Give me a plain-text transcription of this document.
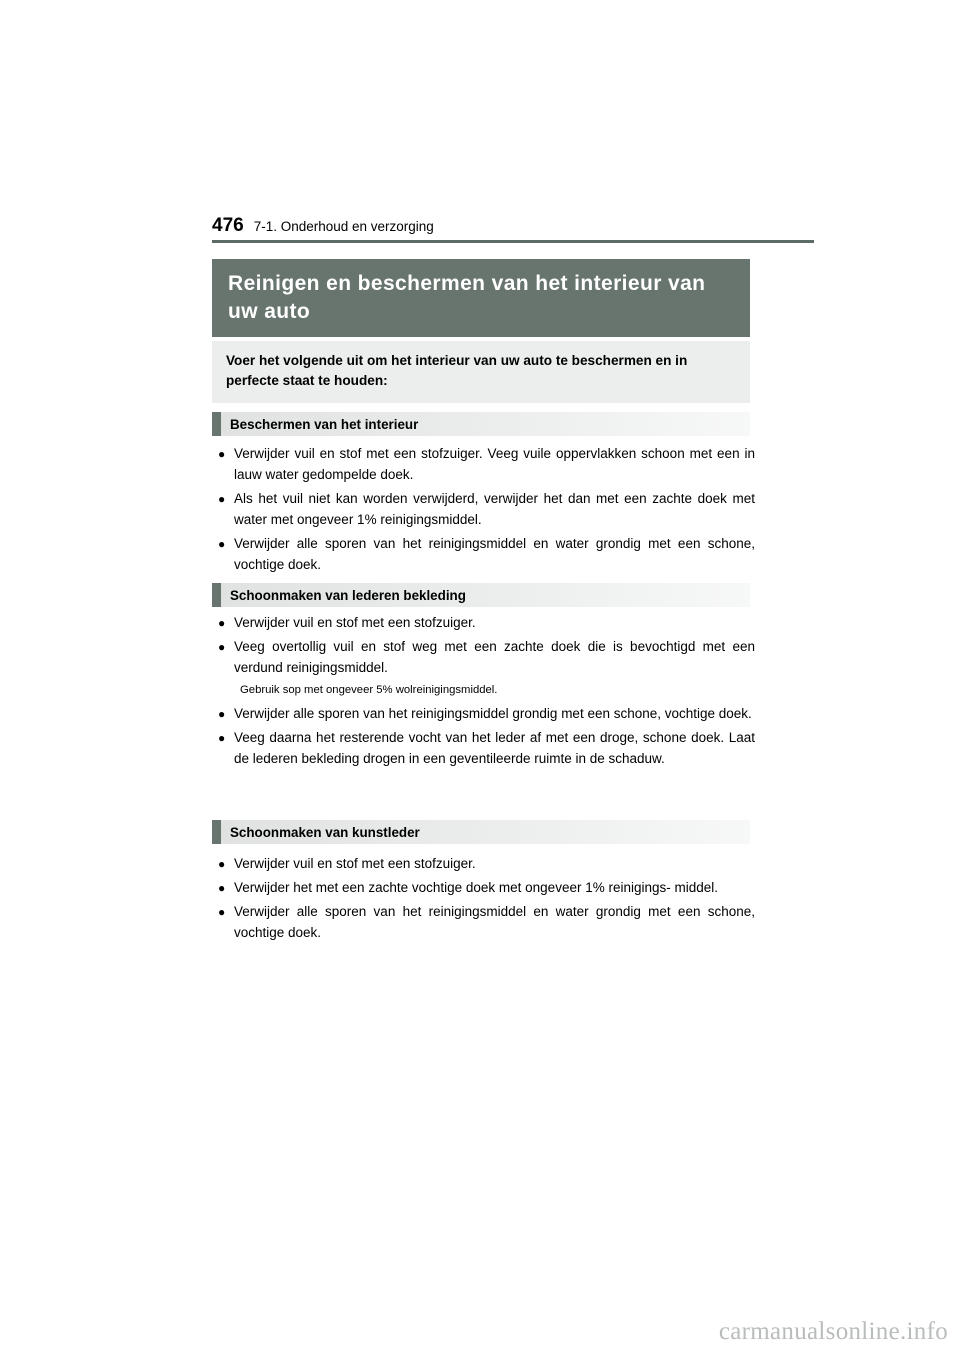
476 7-1. Onderhoud en verzorging
Reinigen en beschermen van het interieur van uw auto
Voer het volgende uit om het interieur van uw auto te beschermen en in perfecte staat te houden:
Beschermen van het interieur
● Verwijder vuil en stof met een stofzuiger. Veeg vuile oppervlakken schoon met een in lauw water gedompelde doek.
● Als het vuil niet kan worden verwijderd, verwijder het dan met een zachte doek met water met ongeveer 1% reinigingsmiddel.
● Verwijder alle sporen van het reinigingsmiddel en water grondig met een schone, vochtige doek.
Schoonmaken van lederen bekleding
● Verwijder vuil en stof met een stofzuiger.
● Veeg overtollig vuil en stof weg met een zachte doek die is bevochtigd met een verdund reinigingsmiddel.
Gebruik sop met ongeveer 5% wolreinigingsmiddel.
● Verwijder alle sporen van het reinigingsmiddel grondig met een schone, vochtige doek.
● Veeg daarna het resterende vocht van het leder af met een droge, schone doek. Laat de lederen bekleding drogen in een geventileerde ruimte in de schaduw.
Schoonmaken van kunstleder
● Verwijder vuil en stof met een stofzuiger.
● Verwijder het met een zachte vochtige doek met ongeveer 1% reinigings- middel.
● Verwijder alle sporen van het reinigingsmiddel en water grondig met een schone, vochtige doek.
carmanualsonline.info
